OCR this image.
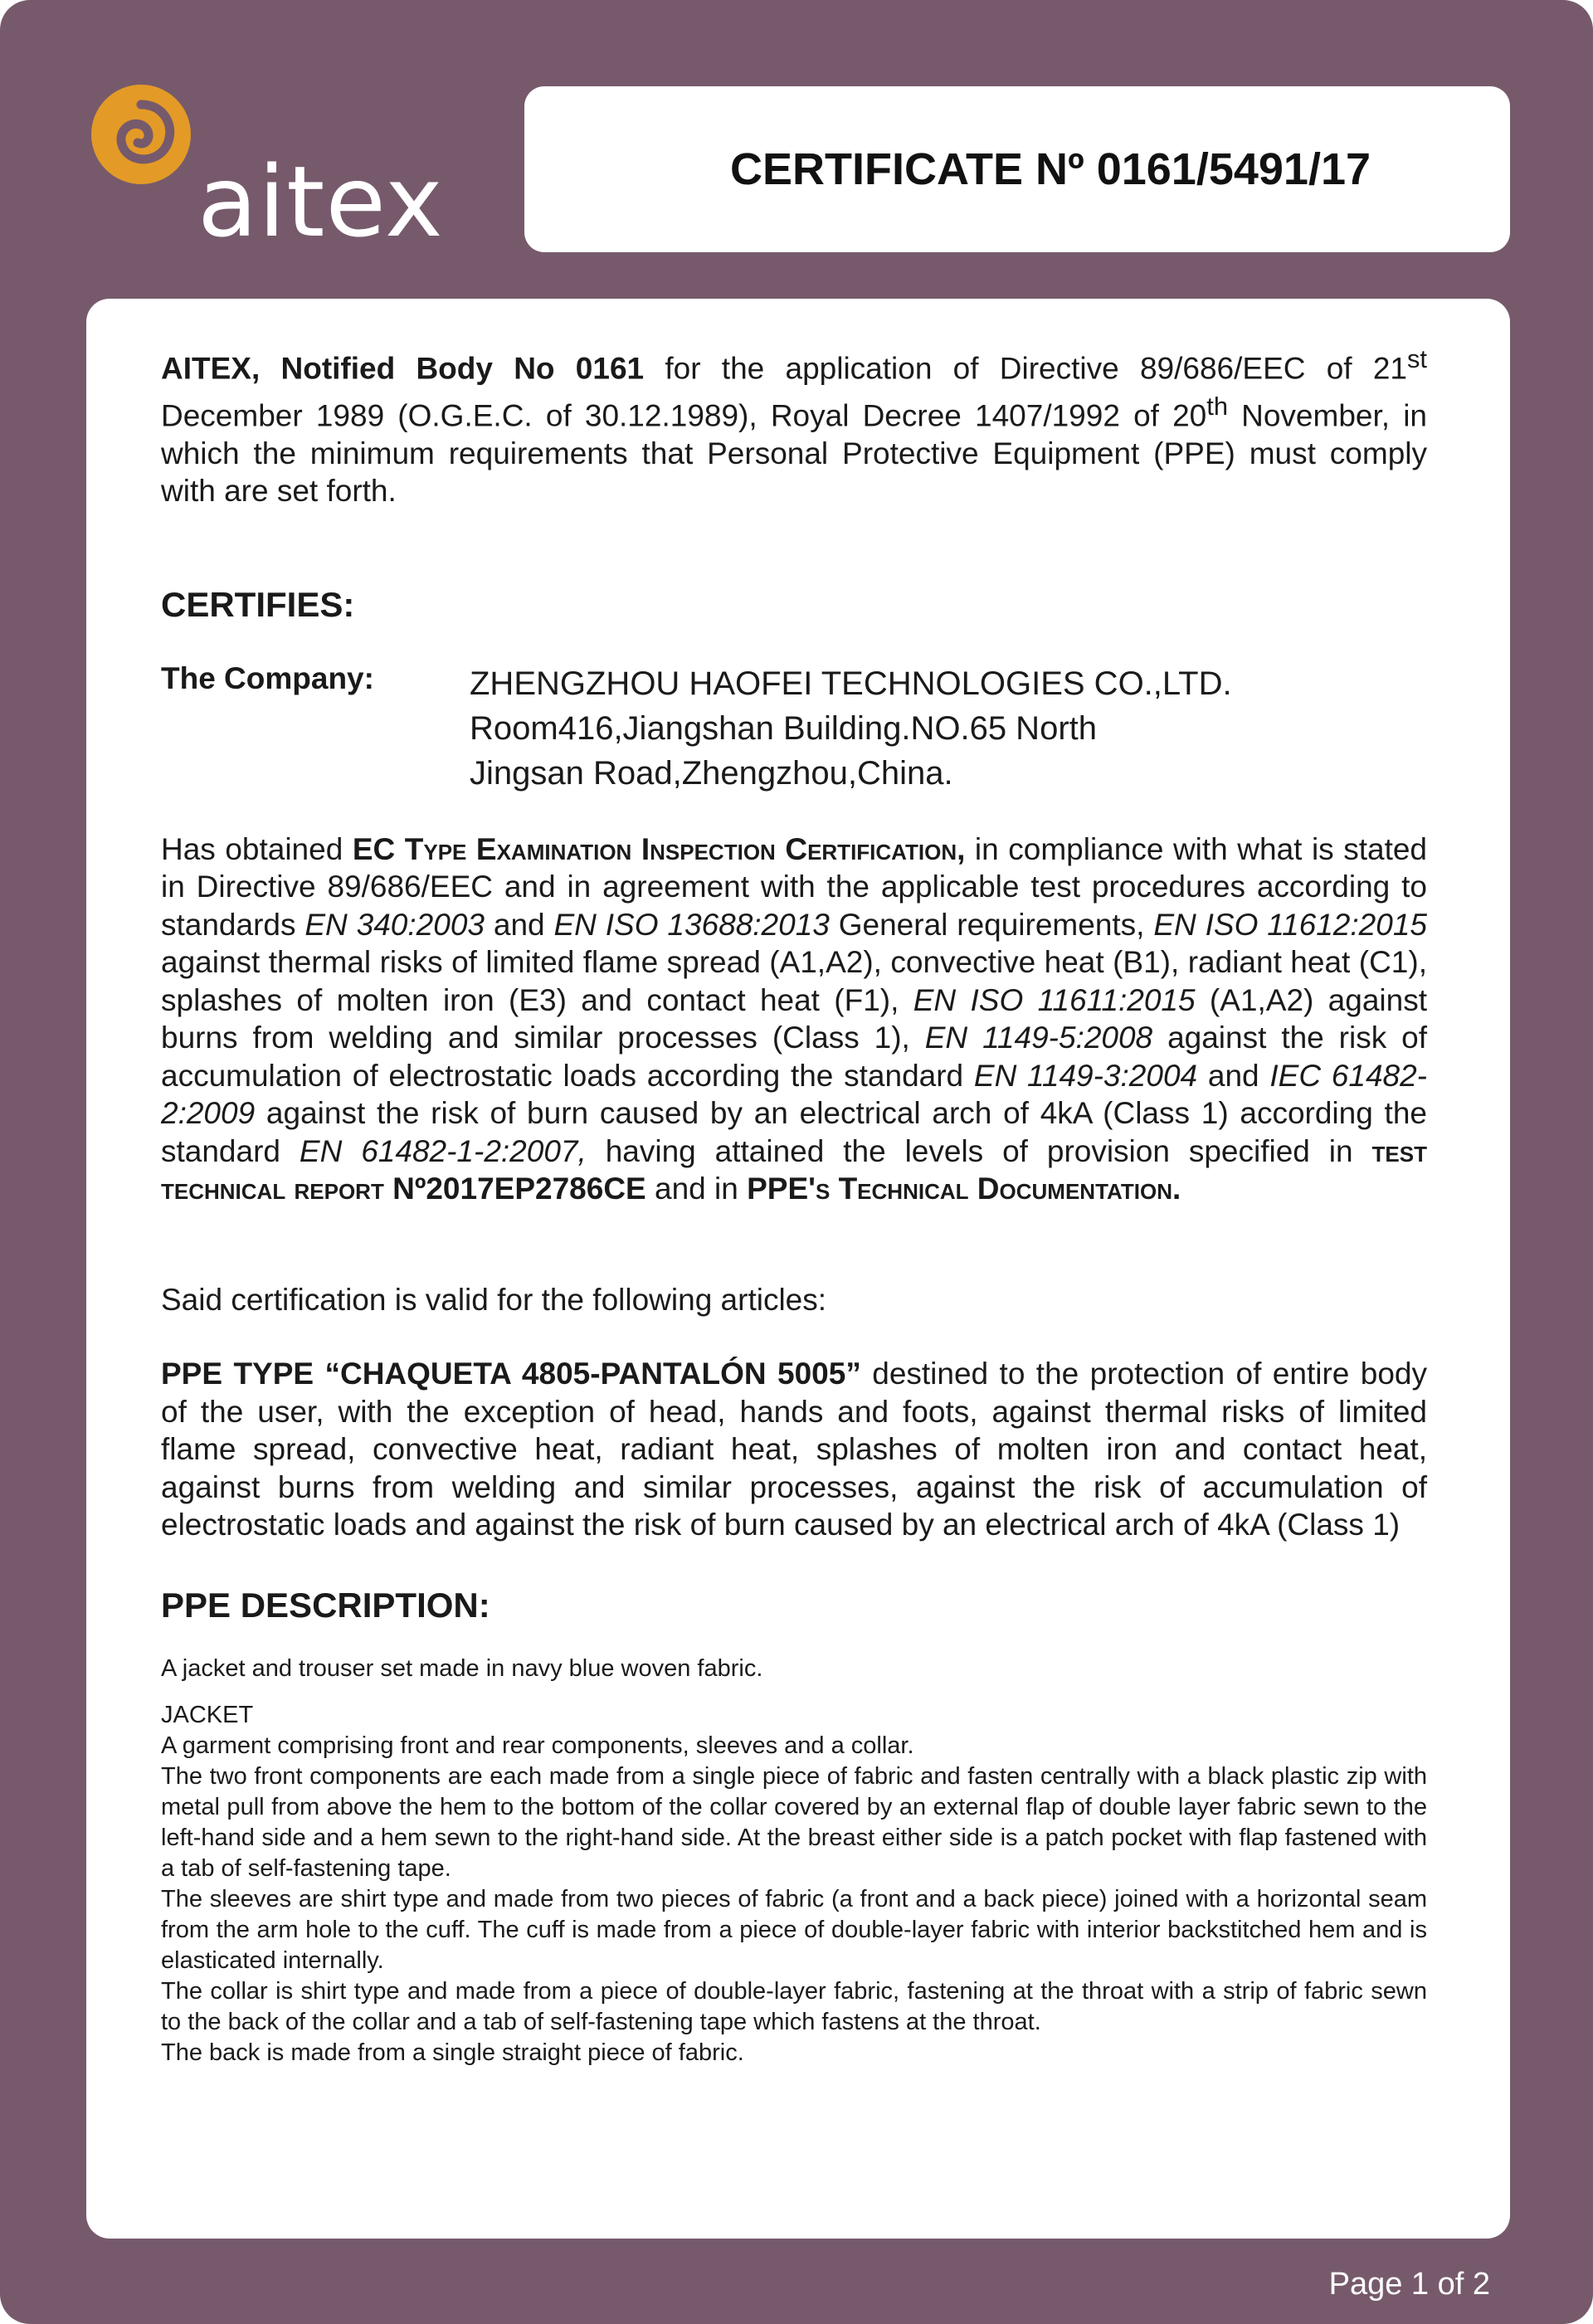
aitex	CERTIFICATE Nº 0161/5491/17

AITEX, Notified Body No 0161 for the application of Directive 89/686/EEC of 21st December 1989 (O.G.E.C. of 30.12.1989), Royal Decree 1407/1992 of 20th November, in which the minimum requirements that Personal Protective Equipment (PPE) must comply with are set forth.

CERTIFIES:
The Company:	ZHENGZHOU HAOFEI TECHNOLOGIES CO.,LTD.
Room416,Jiangshan Building.NO.65 North
Jingsan Road,Zhengzhou,China.

Has obtained EC Type Examination Inspection Certification, in compliance with what is stated in Directive 89/686/EEC and in agreement with the applicable test procedures according to standards EN 340:2003 and EN ISO 13688:2013 General requirements, EN ISO 11612:2015 against thermal risks of limited flame spread (A1,A2), convective heat (B1), radiant heat (C1), splashes of molten iron (E3) and contact heat (F1), EN ISO 11611:2015 (A1,A2) against burns from welding and similar processes (Class 1), EN 1149-5:2008 against the risk of accumulation of electrostatic loads according the standard EN 1149-3:2004 and IEC 61482-2:2009 against the risk of burn caused by an electrical arch of 4kA (Class 1) according the standard EN 61482-1-2:2007, having attained the levels of provision specified in test technical report Nº2017EP2786CE and in PPE's Technical Documentation.

Said certification is valid for the following articles:

PPE TYPE “CHAQUETA 4805-PANTALÓN 5005” destined to the protection of entire body of the user, with the exception of head, hands and foots, against thermal risks of limited flame spread, convective heat, radiant heat, splashes of molten iron and contact heat, against burns from welding and similar processes, against the risk of accumulation of electrostatic loads and against the risk of burn caused by an electrical arch of 4kA (Class 1)

PPE DESCRIPTION:

A jacket and trouser set made in navy blue woven fabric.

JACKET

A garment comprising front and rear components, sleeves and a collar.

The two front components are each made from a single piece of fabric and fasten centrally with a black plastic zip with metal pull from above the hem to the bottom of the collar covered by an external flap of double layer fabric sewn to the left-hand side and a hem sewn to the right-hand side. At the breast either side is a patch pocket with flap fastened with a tab of self-fastening tape.

The sleeves are shirt type and made from two pieces of fabric (a front and a back piece) joined with a horizontal seam from the arm hole to the cuff. The cuff is made from a piece of double-layer fabric with interior backstitched hem and is elasticated internally.

The collar is shirt type and made from a piece of double-layer fabric, fastening at the throat with a strip of fabric sewn to the back of the collar and a tab of self-fastening tape which fastens at the throat.

The back is made from a single straight piece of fabric.

Page 1 of 2
